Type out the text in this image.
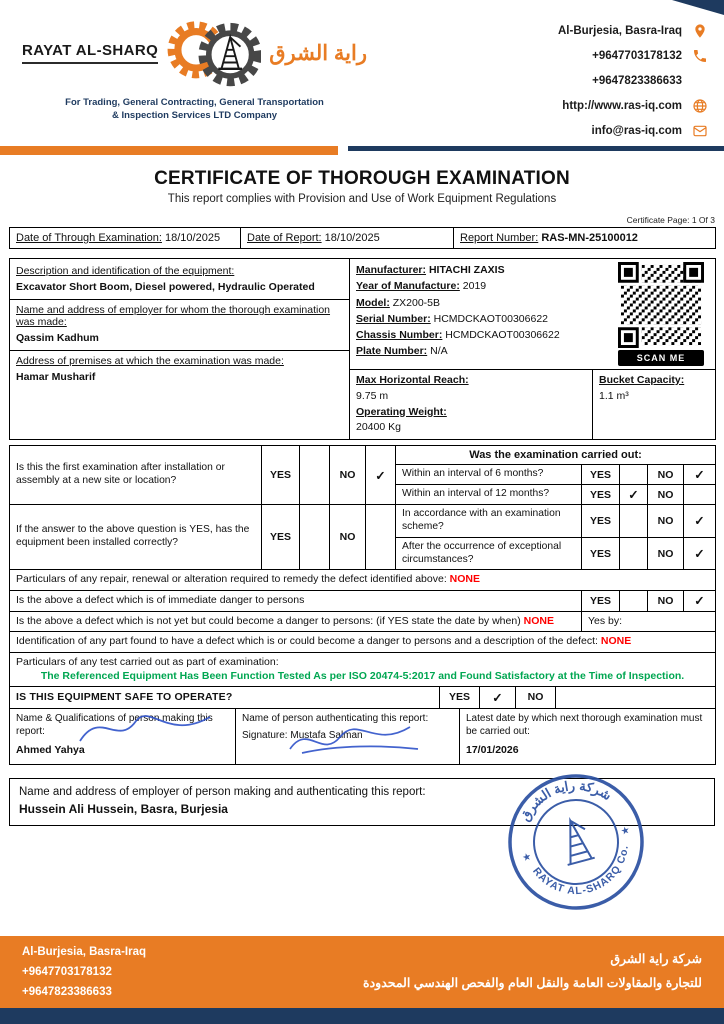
RAYAT AL-SHARQ	راية الشرق
For Trading, General Contracting, General Transportation
& Inspection Services LTD Company
Al-Burjesia, Basra-Iraq
+9647703178132
+9647823386633
http://www.ras-iq.com
info@ras-iq.com
CERTIFICATE OF THOROUGH EXAMINATION
This report complies with Provision and Use of Work Equipment Regulations
Certificate Page: 1 Of 3
Date of Through Examination: 18/10/2025	Date of Report: 18/10/2025	Report Number: RAS-MN-25100012
Description and identification of the equipment:
Excavator Short Boom, Diesel powered, Hydraulic Operated
Name and address of employer for whom the thorough examination was made:
Qassim Kadhum
Address of premises at which the examination was made:
Hamar Musharif

Manufacturer: HITACHI ZAXIS

Year of Manufacture: 2019

Model: ZX200-5B

Serial Number: HCMDCKAOT00306622

Chassis Number: HCMDCKAOT00306622

Plate Number: N/A

SCAN ME

Max Horizontal Reach:

9.75 m

Operating Weight:

20400 Kg

Bucket Capacity:

1.1 m³

Is this the first examination after installation or assembly at a new site or location?	YES		NO	✓	Was the examination carried out:				
					Within an interval of 6 months?	YES		NO	✓
					Within an interval of 12 months?	YES	✓	NO	
If the answer to the above question is YES, has the equipment been installed correctly?	YES		NO		In accordance with an examination scheme?	YES		NO	✓
					After the occurrence of exceptional circumstances?	YES		NO	✓
Particulars of any repair, renewal or alteration required to remedy the defect identified above: NONE									
Is the above a defect which is of immediate danger to persons						YES		NO	✓
Is the above a defect which is not yet but could become a danger to persons: (if YES state the date by when) NONE						Yes by:			
Identification of any part found to have a defect which is or could become a danger to persons and a description of the defect: NONE									

Particulars of any test carried out as part of examination:
The Referenced Equipment Has Been Function Tested As per ISO 20474-5:2017 and Found Satisfactory at the Time of Inspection.									
IS THIS EQUIPMENT SAFE TO OPERATE?	YES	✓	NO	
Name & Qualifications of person making this report:
Ahmed Yahya

Name of person authenticating this report:
Signature: Mustafa Salman

Latest date by which next thorough examination must be carried out:
17/01/2026
Name and address of employer of person making and authenticating this report:
Hussein Ali Hussein, Basra, Burjesia	شركة راية الشرق
RAYAT AL-SHARQ Co.
★
★
Al-Burjesia, Basra-Iraq
+9647703178132
+9647823386633
شركة راية الشرق
للتجارة والمقاولات العامة والنقل العام والفحص الهندسي المحدودة
